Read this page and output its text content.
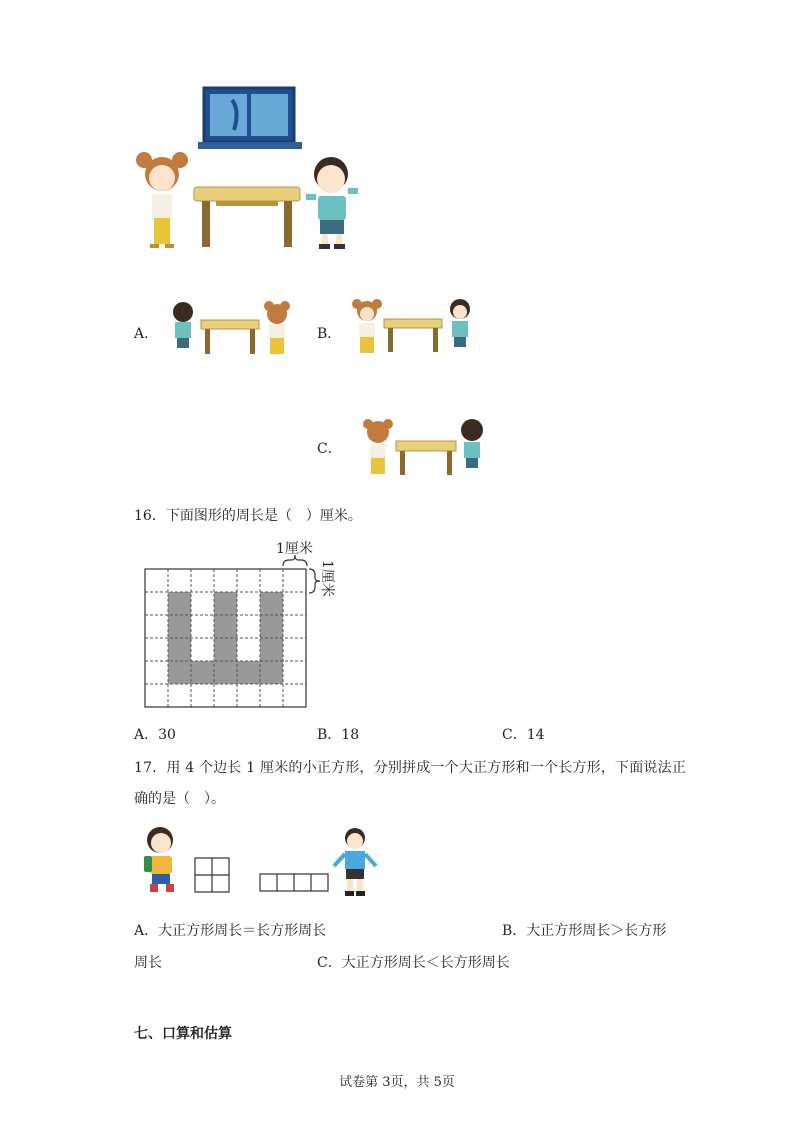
A．	B．
C．
16．下面图形的周长是（　）厘米。
1厘米
1厘米
A．30	B．18	C．14
17．用 4 个边长 1 厘米的小正方形，分别拼成一个大正方形和一个长方形，下面说法正
确的是（　）。
A．大正方形周长＝长方形周长	B．大正方形周长＞长方形
周长	C．大正方形周长＜长方形周长
七、口算和估算
试卷第 3页，共 5页
